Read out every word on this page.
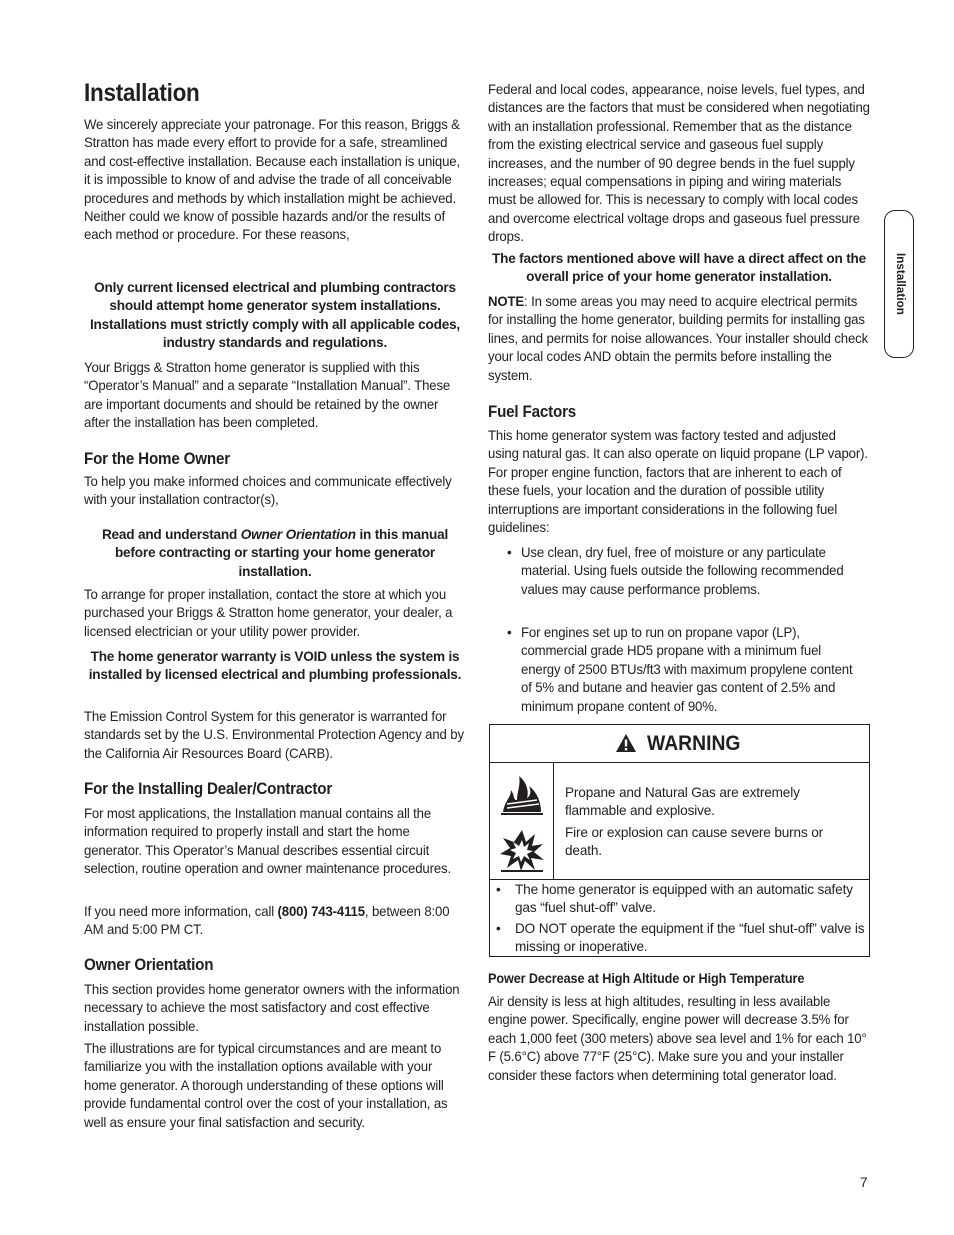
Installation

We sincerely appreciate your patronage. For this reason, Briggs & Stratton has made every effort to provide for a safe, streamlined and cost-effective installation. Because each installation is unique, it is impossible to know of and advise the trade of all conceivable procedures and methods by which installation might be achieved. Neither could we know of possible hazards and/or the results of each method or procedure. For these reasons,

Only current licensed electrical and plumbing contractors should attempt home generator system installations. Installations must strictly comply with all applicable codes, industry standards and regulations.

Your Briggs & Stratton home generator is supplied with this “Operator’s Manual” and a separate “Installation Manual”. These are important documents and should be retained by the owner after the installation has been completed.

For the Home Owner

To help you make informed choices and communicate effectively with your installation contractor(s),

Read and understand Owner Orientation in this manual before contracting or starting your home generator installation.

To arrange for proper installation, contact the store at which you purchased your Briggs & Stratton home generator, your dealer, a licensed electrician or your utility power provider.

The home generator warranty is VOID unless the system is installed by licensed electrical and plumbing professionals.

The Emission Control System for this generator is warranted for standards set by the U.S. Environmental Protection Agency and by the California Air Resources Board (CARB).

For the Installing Dealer/Contractor

For most applications, the Installation manual contains all the information required to properly install and start the home generator. This Operator’s Manual describes essential circuit selection, routine operation and owner maintenance procedures.

If you need more information, call (800) 743-4115, between 8:00 AM and 5:00 PM CT.

Owner Orientation

This section provides home generator owners with the information necessary to achieve the most satisfactory and cost effective installation possible.

The illustrations are for typical circumstances and are meant to familiarize you with the installation options available with your home generator. A thorough understanding of these options will provide fundamental control over the cost of your installation, as well as ensure your final satisfaction and security.

Federal and local codes, appearance, noise levels, fuel types, and distances are the factors that must be considered when negotiating with an installation professional. Remember that as the distance from the existing electrical service and gaseous fuel supply increases, and the number of 90 degree bends in the fuel supply increases; equal compensations in piping and wiring materials must be allowed for. This is necessary to comply with local codes and overcome electrical voltage drops and gaseous fuel pressure drops.

The factors mentioned above will have a direct affect on the overall price of your home generator installation.

NOTE: In some areas you may need to acquire electrical permits for installing the home generator, building permits for installing gas lines, and permits for noise allowances. Your installer should check your local codes AND obtain the permits before installing the system.

Fuel Factors

This home generator system was factory tested and adjusted using natural gas. It can also operate on liquid propane (LP vapor). For proper engine function, factors that are inherent to each of these fuels, your location and the duration of possible utility interruptions are important considerations in the following fuel guidelines:

• Use clean, dry fuel, free of moisture or any particulate material. Using fuels outside the following recommended values may cause performance problems.

• For engines set up to run on propane vapor (LP), commercial grade HD5 propane with a minimum fuel energy of 2500 BTUs/ft3 with maximum propylene content of 5% and butane and heavier gas content of 2.5% and minimum propane content of 90%.

WARNING
Propane and Natural Gas are extremely flammable and explosive.
Fire or explosion can cause severe burns or death.
• The home generator is equipped with an automatic safety gas “fuel shut-off” valve.
• DO NOT operate the equipment if the “fuel shut-off” valve is missing or inoperative.
Power Decrease at High Altitude or High Temperature

Air density is less at high altitudes, resulting in less available engine power. Specifically, engine power will decrease 3.5% for each 1,000 feet (300 meters) above sea level and 1% for each 10° F (5.6°C) above 77°F (25°C). Make sure you and your installer consider these factors when determining total generator load.

Installation
7
